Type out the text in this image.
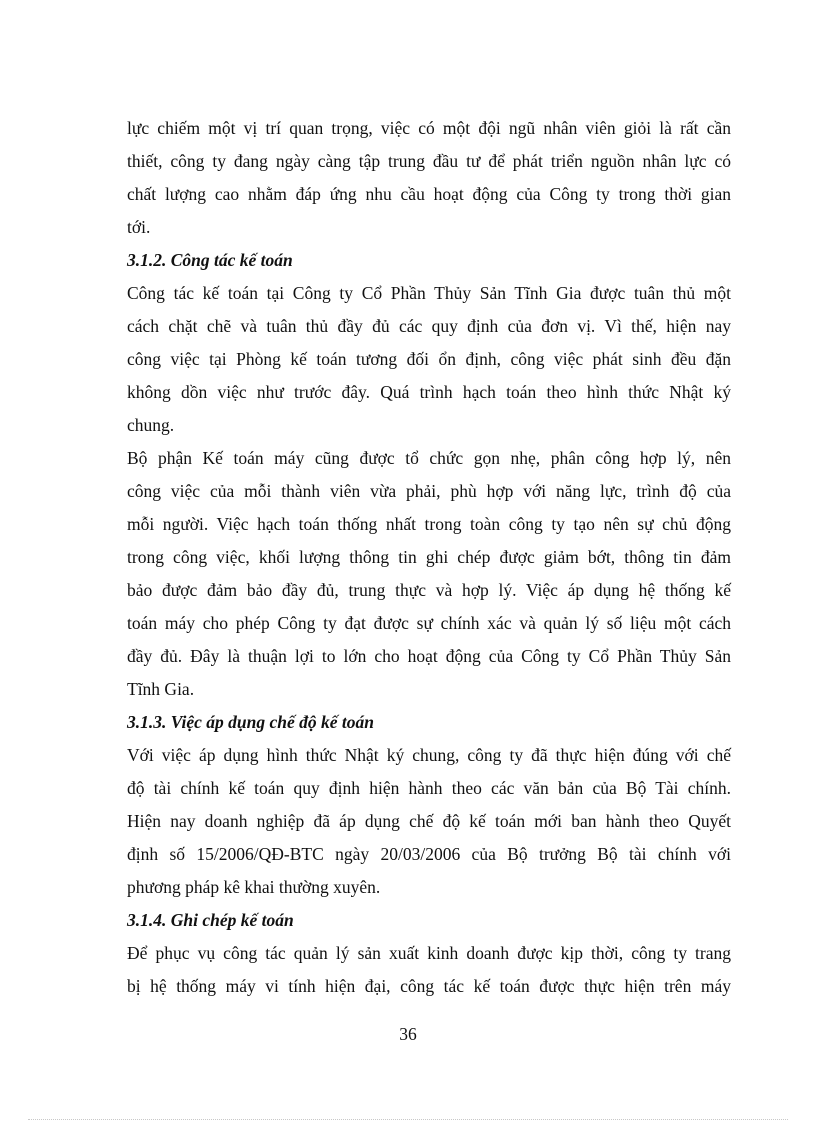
lực chiếm một vị trí quan trọng, việc có một đội ngũ nhân viên giỏi là rất cần
thiết, công ty đang ngày càng tập trung đầu tư để phát triển nguồn nhân lực có
chất lượng cao nhằm đáp ứng nhu cầu hoạt động của Công ty trong thời gian
tới.
3.1.2. Công tác kế toán
Công tác kế toán tại Công ty Cổ Phần Thủy Sản Tĩnh Gia được tuân thủ một
cách chặt chẽ và tuân thủ đầy đủ các quy định của đơn vị. Vì thế, hiện nay
công việc tại Phòng kế toán tương đối ổn định, công việc phát sinh đều đặn
không dồn việc như trước đây. Quá trình hạch toán theo hình thức Nhật ký
chung.
Bộ phận Kế toán máy cũng được tổ chức gọn nhẹ, phân công hợp lý, nên
công việc của mỗi thành viên vừa phải, phù hợp với năng lực, trình độ của
mỗi người. Việc hạch toán thống nhất trong toàn công ty tạo nên sự chủ động
trong công việc, khối lượng thông tin ghi chép được giảm bớt, thông tin đảm
bảo được đảm bảo đầy đủ, trung thực và hợp lý. Việc áp dụng hệ thống kế
toán máy cho phép Công ty đạt được sự chính xác và quản lý số liệu một cách
đầy đủ. Đây là thuận lợi to lớn cho hoạt động của Công ty Cổ Phần Thủy Sản
Tĩnh Gia.
3.1.3. Việc áp dụng chế độ kế toán
Với việc áp dụng hình thức Nhật ký chung, công ty đã thực hiện đúng với chế
độ tài chính kế toán quy định hiện hành theo các văn bản của Bộ Tài chính.
Hiện nay doanh nghiệp đã áp dụng chế độ kế toán mới ban hành theo Quyết
định số 15/2006/QĐ-BTC ngày 20/03/2006 của Bộ trưởng Bộ tài chính với
phương pháp kê khai thường xuyên.
3.1.4. Ghi chép kế toán
Để phục vụ công tác quản lý sản xuất kinh doanh được kịp thời, công ty trang
bị hệ thống máy vi tính hiện đại, công tác kế toán được thực hiện trên máy
36
